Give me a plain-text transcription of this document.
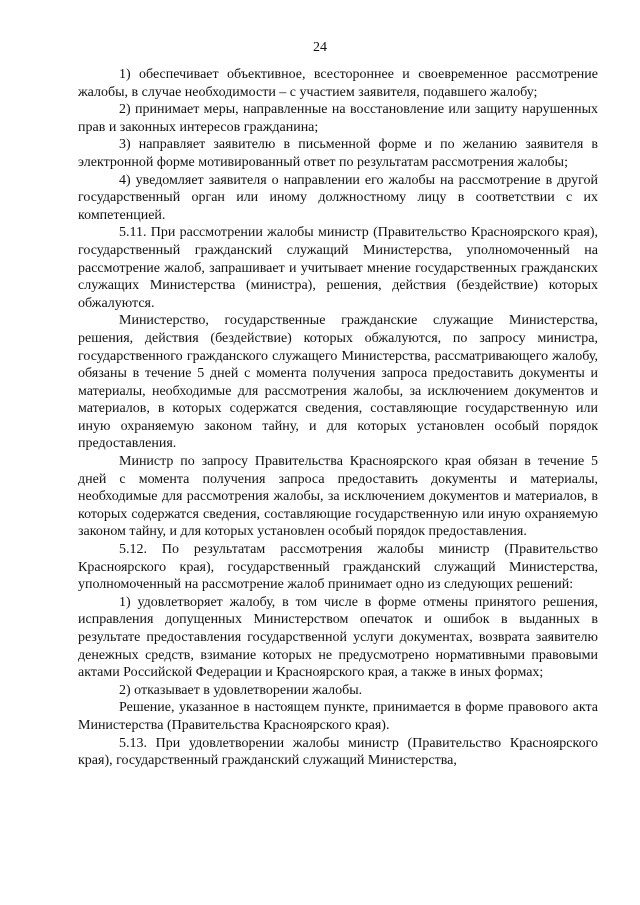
24

1) обеспечивает объективное, всестороннее и своевременное рассмотрение жалобы, в случае необходимости – с участием заявителя, подавшего жалобу;

2) принимает меры, направленные на восстановление или защиту нарушенных прав и законных интересов гражданина;

3) направляет заявителю в письменной форме и по желанию заявителя в электронной форме мотивированный ответ по результатам рассмотрения жалобы;

4) уведомляет заявителя о направлении его жалобы на рассмотрение в другой государственный орган или иному должностному лицу в соответствии с их компетенцией.

5.11. При рассмотрении жалобы министр (Правительство Красноярского края), государственный гражданский служащий Министерства, уполномоченный на рассмотрение жалоб, запрашивает и учитывает мнение государственных гражданских служащих Министерства (министра), решения, действия (бездействие) которых обжалуются.

Министерство, государственные гражданские служащие Министерства, решения, действия (бездействие) которых обжалуются, по запросу министра, государственного гражданского служащего Министерства, рассматривающего жалобу, обязаны в течение 5 дней с момента получения запроса предоставить документы и материалы, необходимые для рассмотрения жалобы, за исключением документов и материалов, в которых содержатся сведения, составляющие государственную или иную охраняемую законом тайну, и для которых установлен особый порядок предоставления.

Министр по запросу Правительства Красноярского края обязан в течение 5 дней с момента получения запроса предоставить документы и материалы, необходимые для рассмотрения жалобы, за исключением документов и материалов, в которых содержатся сведения, составляющие государственную или иную охраняемую законом тайну, и для которых установлен особый порядок предоставления.

5.12. По результатам рассмотрения жалобы министр (Правительство Красноярского края), государственный гражданский служащий Министерства, уполномоченный на рассмотрение жалоб принимает одно из следующих решений:

1) удовлетворяет жалобу, в том числе в форме отмены принятого решения, исправления допущенных Министерством опечаток и ошибок в выданных в результате предоставления государственной услуги документах, возврата заявителю денежных средств, взимание которых не предусмотрено нормативными правовыми актами Российской Федерации и Красноярского края, а также в иных формах;

2) отказывает в удовлетворении жалобы.

Решение, указанное в настоящем пункте, принимается в форме правового акта Министерства (Правительства Красноярского края).

5.13. При удовлетворении жалобы министр (Правительство Красноярского края), государственный гражданский служащий Министерства,
